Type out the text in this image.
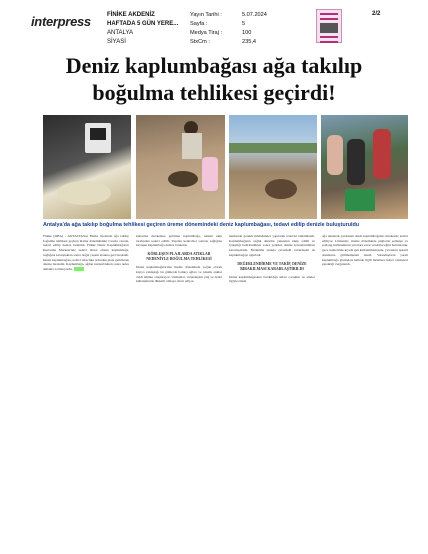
interpress	FİNİKE AKDENİZ
HAFTADA 5 GÜN YERE...
ANTALYA
SİYASİ
Yayın Tarihi :
Sayfa :
Medya Tiraj :
StxCm :
5.07.2024
5
100
235,4
2/2
Deniz kaplumbağası ağa takılıp
boğulma tehlikesi geçirdi!
Antalya'da ağa takılıp boğulma tehlikesi geçiren üreme dönemindeki deniz kaplumbağası, tedavi edilip denizle buluşturuldu
Finike (DHA) - ANTALYA'nın Finike ilçesinde ağa takılıp boğulma tehlikesi geçiren üreme dönemindeki Caretta caretta, tedavi edilip denize bırakıldı. Finike Deniz Kaplumbağaları Kurtarma Merkezi'nde tedavi altına alınan kaplumbağa, sağlığına kavuştuktan sonra doğal yaşam alanına geri bırakıldı. Deniz kaplumbağası, tedavi sürecinin ardından plaja getirilerek denize bırakıldı. Kaplumbağa, ağdan kurtarıldıktan sonra nefes almakta zorlanıyordu.
kurtarma merkezine getirilen kaplumbağa, uzman ekip tarafından tedavi edildi. Yapılan kontroller sonrası sağlığına kavuşan kaplumbağa denize bırakıldı.
KÖRLEŞEN PLAJLARDA ATIKLAR NEDENİYLE BOĞULMA TEHLİKESİ
Deniz kaplumbağalarının üreme döneminde yoğun olarak kıyıya yaklaştığı bu günlerde balıkçı ağları ve plastik atıklar ciddi tehlike oluşturuyor. Uzmanlar, vatandaşları plaj ve deniz kullanımında dikkatli olmaya davet ediyor.
merkezde gerekli müdahaleler yapılarak tedavisi tamamlandı. Kaplumbağanın sağlık durumu yakından takip edildi ve iyileştiği belirlendikten sonra yeniden denize kavuşturulması kararlaştırıldı. Bırakılma anında çevredeki vatandaşlar da kaplumbağayı uğurladı.
DEĞERLENDİRME VE TAKİP, DENİZE BIRAKILMASI KARARLAŞTIRILDI
Deniz kaplumbağasının bırakıldığı anları çocuklar ve aileler ilgiyle izledi.
ağa takılarak yaralanan deniz kaplumbağaları merkezde tedavi ediliyor. Uzmanlar, üreme döneminde plajlarda şemsiye ve şezlong kullanımının yuvalara zarar verebileceğini hatırlatarak, gece saatlerinde kıyıda ışık kullanılmamasını, yuvaların işaretli alanlarına girilmemesini istedi. Vatandaşların yaralı kaplumbağa görmeleri halinde ilgili birimlere haber vermeleri gerektiği vurgulandı.
